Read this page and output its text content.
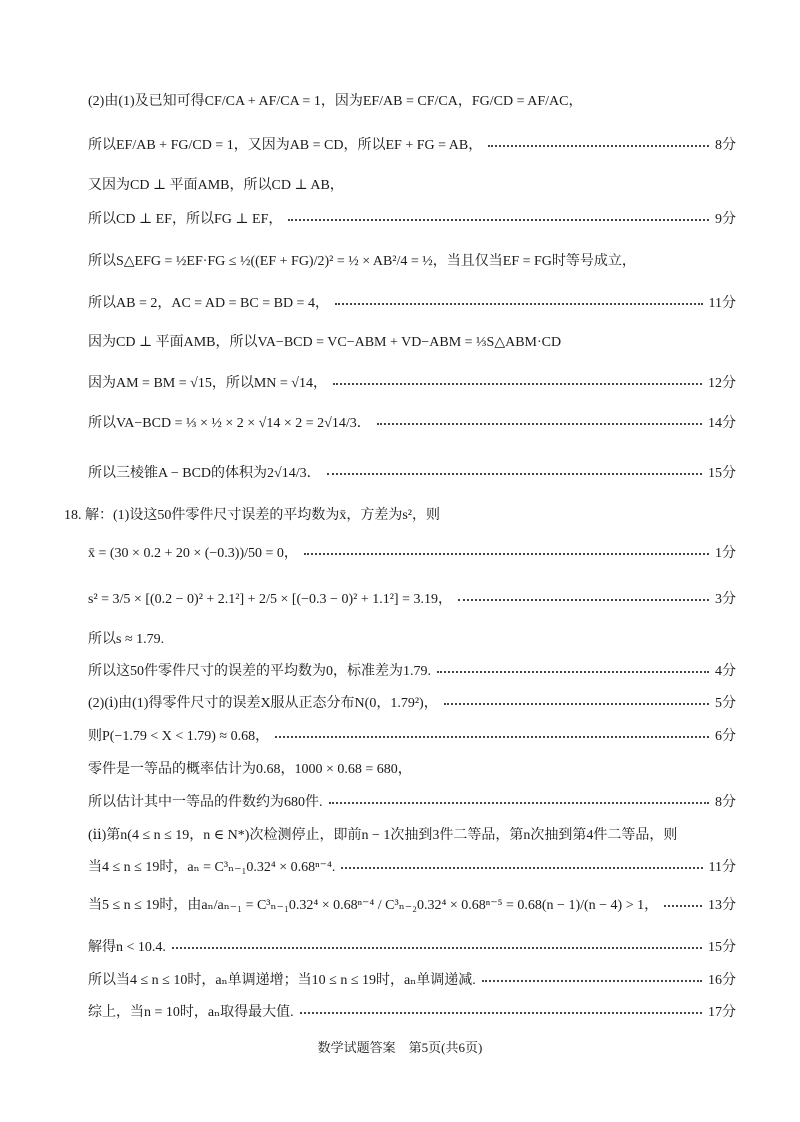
(2)由(1)及已知可得CF/CA + AF/CA = 1，因为EF/AB = CF/CA，FG/CD = AF/AC，
所以EF/AB + FG/CD = 1，又因为AB = CD，所以EF + FG = AB，	8分
又因为CD ⊥ 平面AMB，所以CD ⊥ AB，
所以CD ⊥ EF，所以FG ⊥ EF，	9分
所以S△EFG = ½EF·FG ≤ ½((EF + FG)/2)² = ½ × AB²/4 = ½，当且仅当EF = FG时等号成立，
所以AB = 2，AC = AD = BC = BD = 4，	11分
因为CD ⊥ 平面AMB，所以VA−BCD = VC−ABM + VD−ABM = ⅓S△ABM·CD
因为AM = BM = √15，所以MN = √14，	12分
所以VA−BCD = ⅓ × ½ × 2 × √14 × 2 = 2√14/3．	14分
所以三棱锥A − BCD的体积为2√14/3．	15分
18. 解：(1)设这50件零件尺寸误差的平均数为x̄，方差为s²，则
x̄ = (30 × 0.2 + 20 × (−0.3))/50 = 0，	1分
s² = 3/5 × [(0.2 − 0)² + 2.1²] + 2/5 × [(−0.3 − 0)² + 1.1²] = 3.19，	3分
所以s ≈ 1.79.
所以这50件零件尺寸的误差的平均数为0，标准差为1.79.	4分
(2)(ⅰ)由(1)得零件尺寸的误差X服从正态分布N(0，1.79²)，	5分
则P(−1.79 < X < 1.79) ≈ 0.68，	6分
零件是一等品的概率估计为0.68，1000 × 0.68 = 680，
所以估计其中一等品的件数约为680件.	8分
(ⅱ)第n(4 ≤ n ≤ 19，n ∈ N*)次检测停止，即前n − 1次抽到3件二等品，第n次抽到第4件二等品，则
当4 ≤ n ≤ 19时，aₙ = C³ₙ₋₁0.32⁴ × 0.68ⁿ⁻⁴.	11分
当5 ≤ n ≤ 19时，由aₙ/aₙ₋₁ = C³ₙ₋₁0.32⁴ × 0.68ⁿ⁻⁴ / C³ₙ₋₂0.32⁴ × 0.68ⁿ⁻⁵ = 0.68(n − 1)/(n − 4) > 1，	13分
解得n < 10.4.	15分
所以当4 ≤ n ≤ 10时，aₙ单调递增；当10 ≤ n ≤ 19时，aₙ单调递减.	16分
综上，当n = 10时，aₙ取得最大值.	17分
数学试题答案　第5页(共6页)
